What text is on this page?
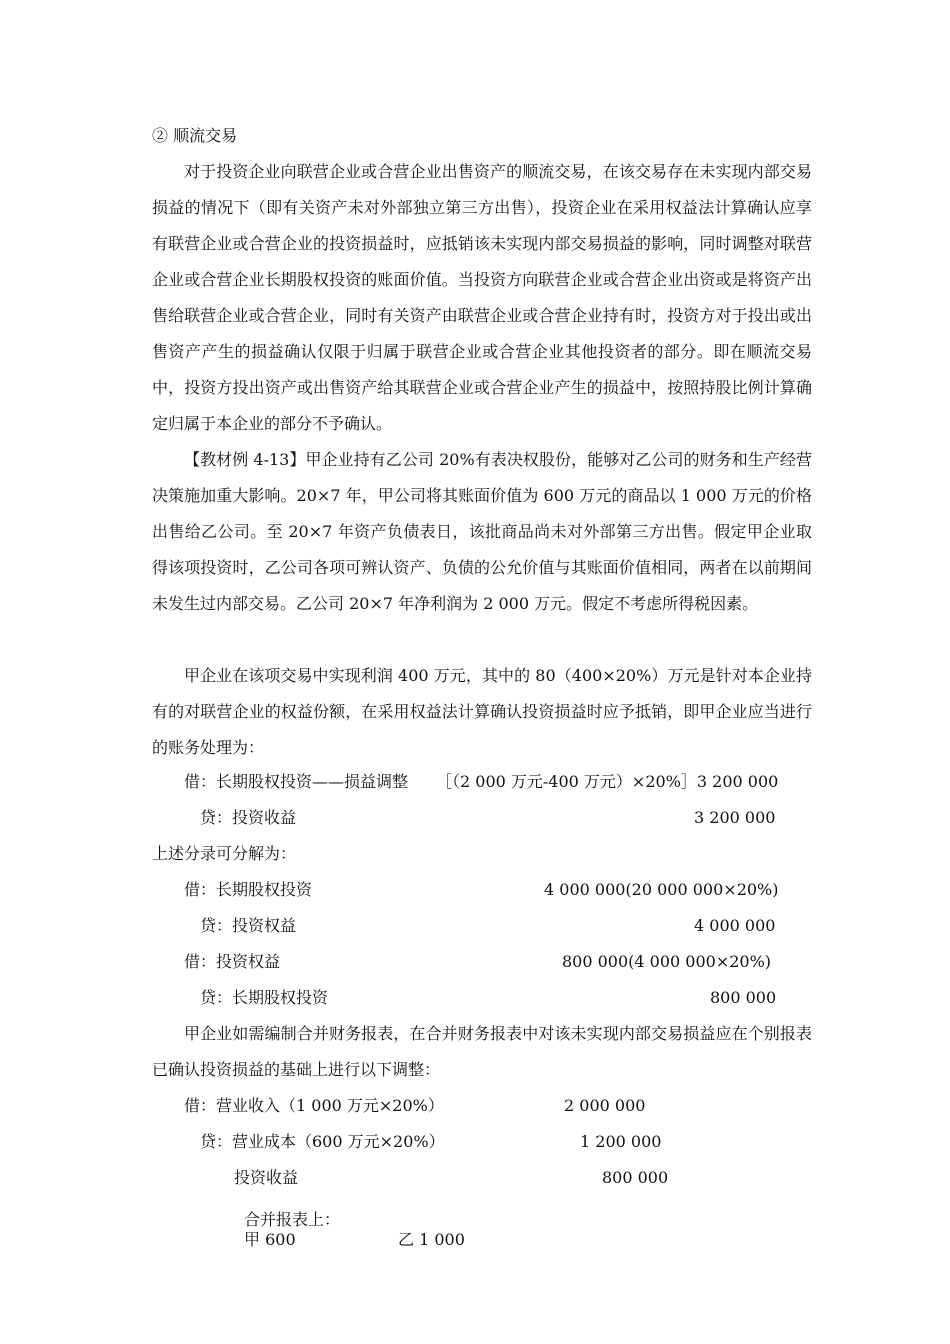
② 顺流交易

对于投资企业向联营企业或合营企业出售资产的顺流交易，在该交易存在未实现内部交易损益的情况下（即有关资产未对外部独立第三方出售），投资企业在采用权益法计算确认应享有联营企业或合营企业的投资损益时，应抵销该未实现内部交易损益的影响，同时调整对联营企业或合营企业长期股权投资的账面价值。当投资方向联营企业或合营企业出资或是将资产出售给联营企业或合营企业，同时有关资产由联营企业或合营企业持有时，投资方对于投出或出售资产产生的损益确认仅限于归属于联营企业或合营企业其他投资者的部分。即在顺流交易中，投资方投出资产或出售资产给其联营企业或合营企业产生的损益中，按照持股比例计算确定归属于本企业的部分不予确认。

【教材例 4-13】甲企业持有乙公司 20%有表决权股份，能够对乙公司的财务和生产经营决策施加重大影响。20×7 年，甲公司将其账面价值为 600 万元的商品以 1 000 万元的价格出售给乙公司。至 20×7 年资产负债表日，该批商品尚未对外部第三方出售。假定甲企业取得该项投资时，乙公司各项可辨认资产、负债的公允价值与其账面价值相同，两者在以前期间未发生过内部交易。乙公司 20×7 年净利润为 2 000 万元。假定不考虑所得税因素。

甲企业在该项交易中实现利润 400 万元，其中的 80（400×20%）万元是针对本企业持有的对联营企业的权益份额，在采用权益法计算确认投资损益时应予抵销，即甲企业应当进行的账务处理为：

借：长期股权投资——损益调整 ［（2 000 万元-400 万元）×20%］3 200 000
贷：投资收益	3 200 000
上述分录可分解为：
借：长期股权投资	4 000 000(20 000 000×20%)
贷：投资权益	4 000 000
借：投资权益	800 000(4 000 000×20%)
贷：长期股权投资	800 000

甲企业如需编制合并财务报表，在合并财务报表中对该未实现内部交易损益应在个别报表已确认投资损益的基础上进行以下调整：

借：营业收入（1 000 万元×20%）	2 000 000
贷：营业成本（600 万元×20%）	1 200 000
投资收益	800 000
合并报表上：
甲 600	乙 1 000
